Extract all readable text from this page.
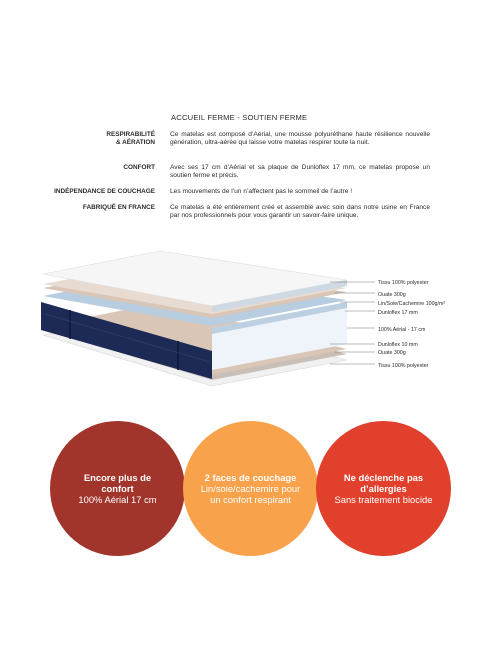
ACCUEIL FERME - SOUTIEN FERME
RESPIRABILITÉ
& AÉRATION
Ce matelas est composé d’Aérial, une mousse polyuréthane haute résilience nouvelle génération, ultra-aérée qui laisse votre matelas respirer toute la nuit.
CONFORT Avec ses 17 cm d’Aérial et sa plaque de Dunloflex 17 mm, ce matelas propose un soutien ferme et précis.
INDÉPENDANCE DE COUCHAGE Les mouvements de l’un n’affectent pas le sommeil de l’autre !
FABRIQUÉ EN FRANCE Ce matelas a été entièrement créé et assemblé avec soin dans notre usine en France par nos professionnels pour vous garantir un savoir-faire unique.
Tissu 100% polyester
Ouate 300g
Lin/Soie/Cachemire 100g/m²
Dunloflex 17 mm
100% Aérial - 17 cm
Dunloflex 10 mm
Ouate 300g
Tissu 100% polyester
Encore plus de confort
100% Aérial 17 cm
2 faces de couchage
Lin/soie/cachemire pour un confort respirant
Ne déclenche pas d’allergies
Sans traitement biocide
